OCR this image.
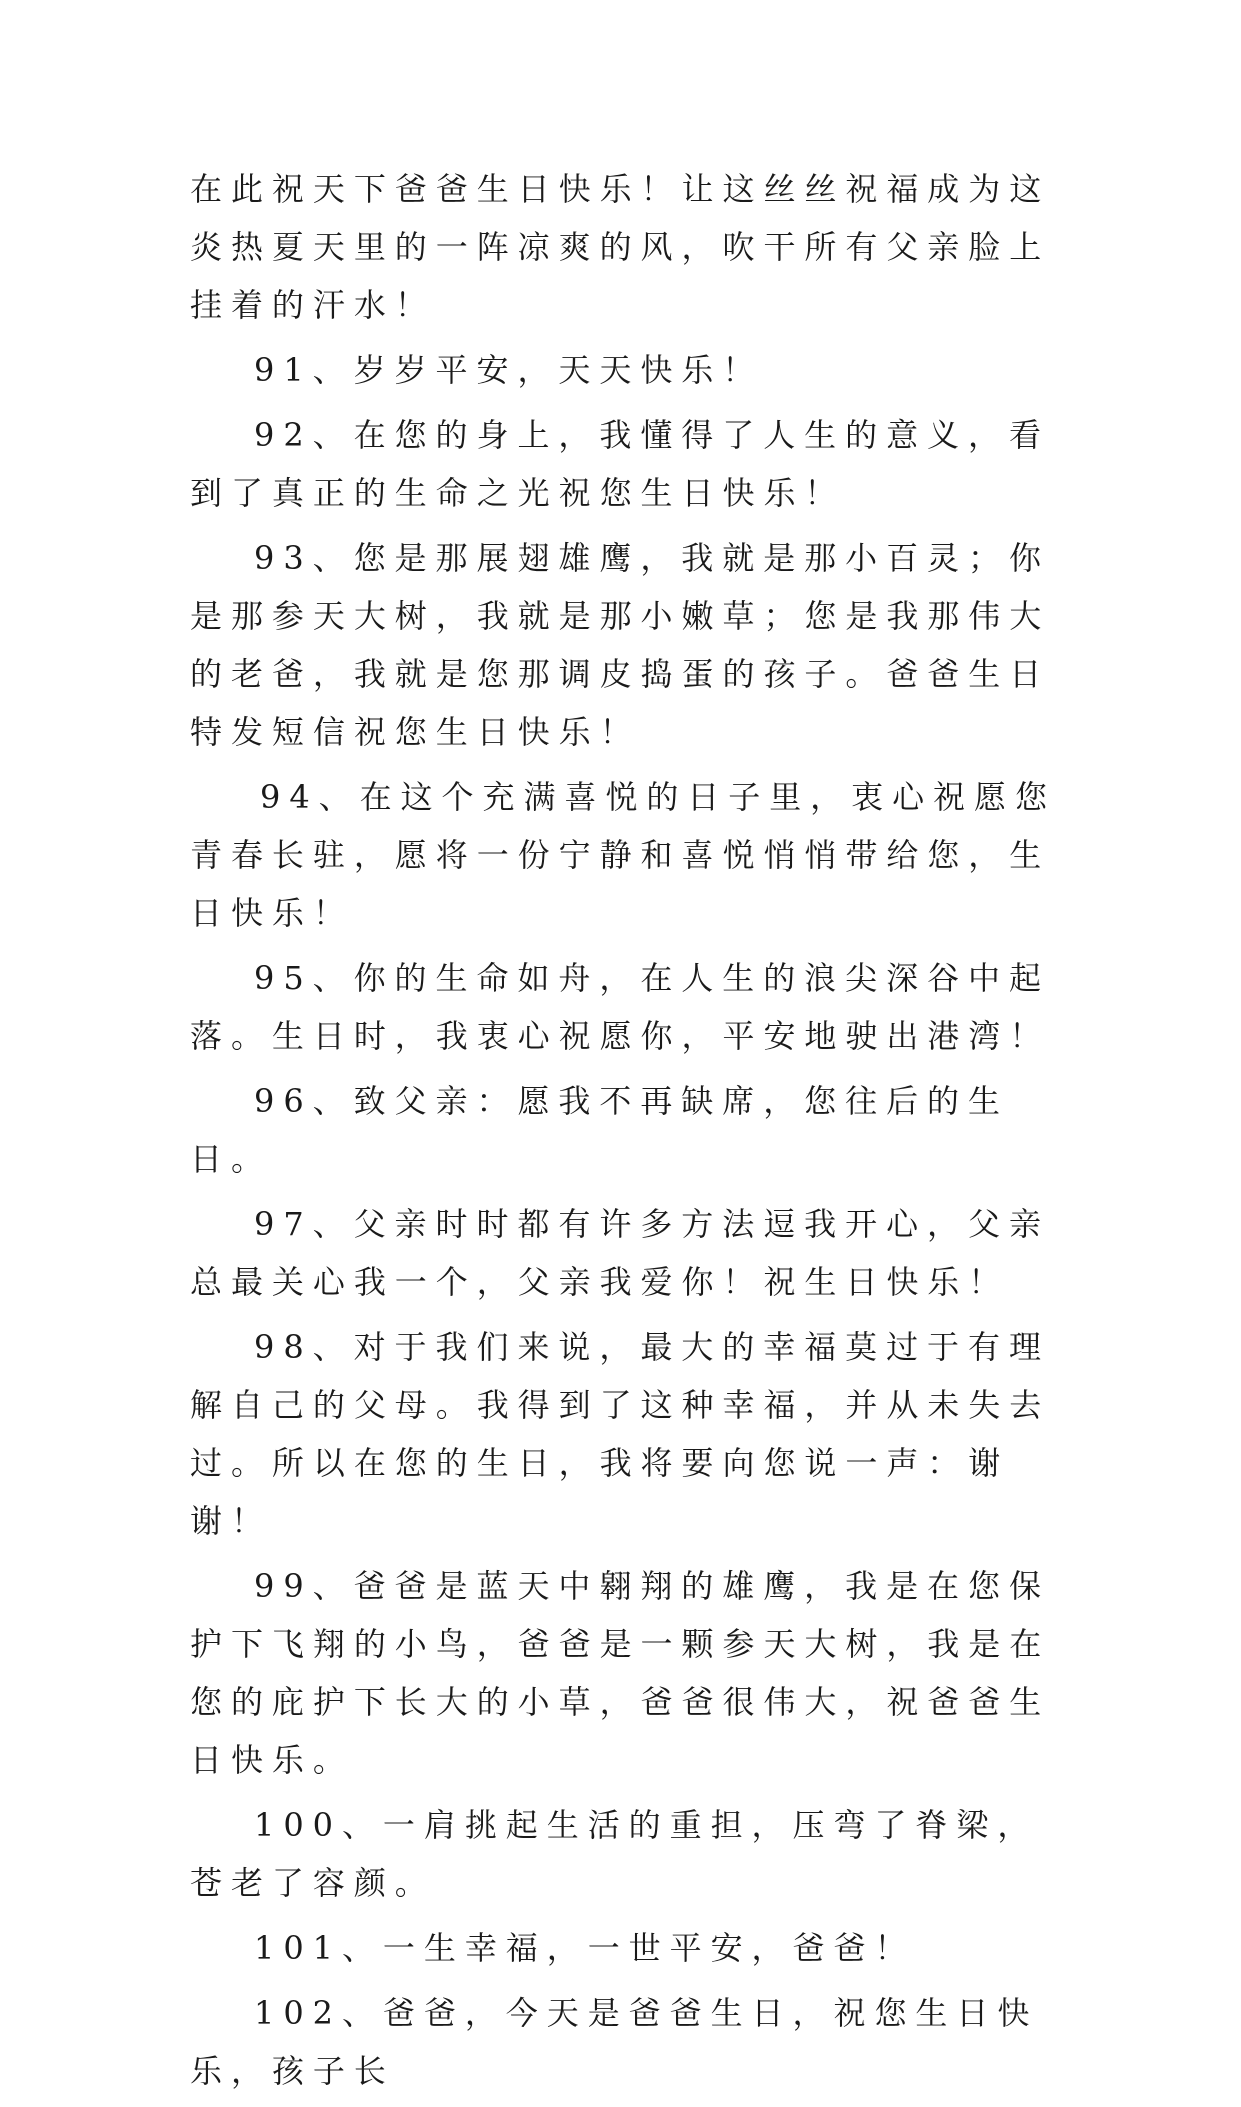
在此祝天下爸爸生日快乐！让这丝丝祝福成为这炎热夏天里的一阵凉爽的风，吹干所有父亲脸上挂着的汗水！

91、岁岁平安，天天快乐！

92、在您的身上，我懂得了人生的意义，看到了真正的生命之光祝您生日快乐！

93、您是那展翅雄鹰，我就是那小百灵；你是那参天大树，我就是那小嫩草；您是我那伟大的老爸，我就是您那调皮捣蛋的孩子。爸爸生日特发短信祝您生日快乐！

94、在这个充满喜悦的日子里，衷心祝愿您青春长驻，愿将一份宁静和喜悦悄悄带给您，生日快乐！

95、你的生命如舟，在人生的浪尖深谷中起落。生日时，我衷心祝愿你，平安地驶出港湾！

96、致父亲：愿我不再缺席，您往后的生日。

97、父亲时时都有许多方法逗我开心，父亲总最关心我一个，父亲我爱你！祝生日快乐！

98、对于我们来说，最大的幸福莫过于有理解自己的父母。我得到了这种幸福，并从未失去过。所以在您的生日，我将要向您说一声：谢谢！

99、爸爸是蓝天中翱翔的雄鹰，我是在您保护下飞翔的小鸟，爸爸是一颗参天大树，我是在您的庇护下长大的小草，爸爸很伟大，祝爸爸生日快乐。

100、一肩挑起生活的重担，压弯了脊梁，苍老了容颜。

101、一生幸福，一世平安，爸爸！

102、爸爸，今天是爸爸生日，祝您生日快乐，孩子长
